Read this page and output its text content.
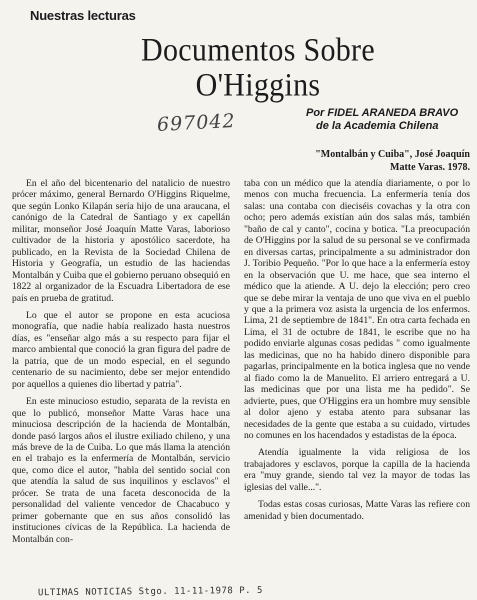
Nuestras lecturas
Documentos Sobre
O'Higgins
697042	Por FIDEL ARANEDA BRAVO
de la Academia Chilena
"Montalbán y Cuiba", José Joaquín Matte Varas. 1978.

En el año del bicentenario del natalicio de nuestro prócer máximo, general Bernardo O'Higgins Riquelme, que según Lonko Kilapán sería hijo de una araucana, el canónigo de la Catedral de Santiago y ex capellán militar, monseñor José Joaquín Matte Varas, laborioso cultivador de la historia y apostólico sacerdote, ha publicado, en la Revista de la Sociedad Chilena de Historia y Geografía, un estudio de las haciendas Montalbán y Cuiba que el gobierno peruano obsequió en 1822 al organizador de la Escuadra Libertadora de ese país en prueba de gratitud.

Lo que el autor se propone en esta acuciosa monografía, que nadie había realizado hasta nuestros días, es "enseñar algo más a su respecto para fijar el marco ambiental que conoció la gran figura del padre de la patria, que de un modo especial, en el segundo centenario de su nacimiento, debe ser mejor entendido por aquellos a quienes dio libertad y patria".

En este minucioso estudio, separata de la revista en que lo publicó, monseñor Matte Varas hace una minuciosa descripción de la hacienda de Montalbán, donde pasó largos años el ilustre exiliado chileno, y una más breve de la de Cuiba. Lo que más llama la atención en el trabajo es la enfermería de Montalbán, servicio que, como dice el autor, "habla del sentido social con que atendía la salud de sus inquilinos y esclavos" el prócer. Se trata de una faceta desconocida de la personalidad del valiente vencedor de Chacabuco y primer gobernante que en sus años consolidó las instituciones cívicas de la República. La hacienda de Montalbán con-

taba con un médico que la atendía diariamente, o por lo menos con mucha frecuencia. La enfermería tenía dos salas: una contaba con dieciséis covachas y la otra con ocho; pero además existían aún dos salas más, también "baño de cal y canto", cocina y botica. "La preocupación de O'Higgins por la salud de su personal se ve confirmada en diversas cartas, principalmente a su administrador don J. Toribio Pequeño. "Por lo que hace a la enfermería estoy en la observación que U. me hace, que sea interno el médico que la atiende. A U. dejo la elección; pero creo que se debe mirar la ventaja de uno que viva en el pueblo y que a la primera voz asista la urgencia de los enfermos. Lima, 21 de septiembre de 1841". En otra carta fechada en Lima, el 31 de octubre de 1841, le escribe que no ha podido enviarle algunas cosas pedidas " como igualmente las medicinas, que no ha habido dinero disponible para pagarlas, principalmente en la botica inglesa que no vende al fiado como la de Manuelito. El arriero entregará a U. las medicinas que por una lista me ha pedido". Se advierte, pues, que O'Higgins era un hombre muy sensible al dolor ajeno y estaba atento para subsanar las necesidades de la gente que estaba a su cuidado, virtudes no comunes en los hacendados y estadistas de la época.

Atendía igualmente la vida religiosa de los trabajadores y esclavos, porque la capilla de la hacienda era "muy grande, siendo tal vez la mayor de todas las iglesias del valle...".

Todas estas cosas curiosas, Matte Varas las refiere con amenidad y bien documentado.

ULTIMAS NOTICIAS Stgo. 11-11-1978 P. 5
